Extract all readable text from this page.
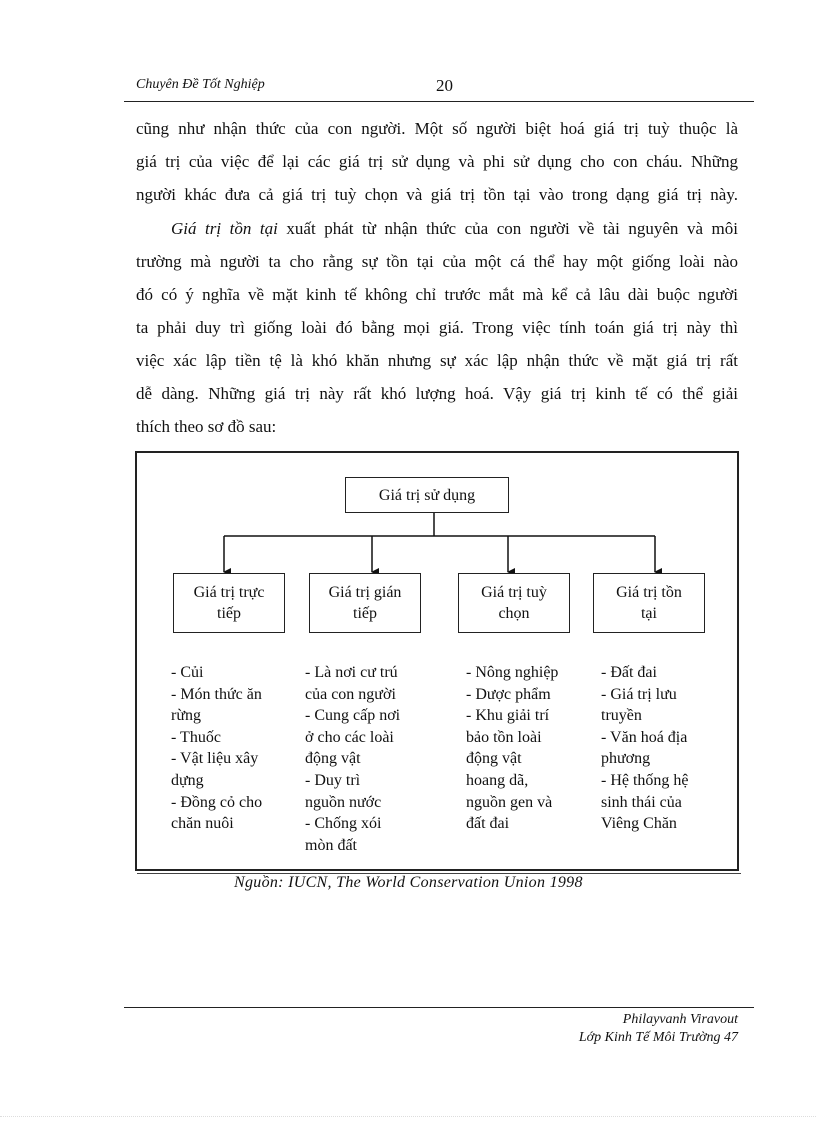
Chuyên Đề Tốt Nghiệp	20
cũng như nhận thức của con người. Một số người biệt hoá giá trị tuỳ thuộc là
giá trị của việc để lại các giá trị sử dụng và phi sử dụng cho con cháu. Những
người khác đưa cả giá trị tuỳ chọn và giá trị tồn tại vào trong dạng giá trị này.
Giá trị tồn tại xuất phát từ nhận thức của con người về tài nguyên và môi
trường mà người ta cho rằng sự tồn tại của một cá thể hay một giống loài nào
đó có ý nghĩa về mặt kinh tế không chỉ trước mắt mà kể cả lâu dài buộc người
ta phải duy trì giống loài đó bằng mọi giá. Trong việc tính toán giá trị này thì
việc xác lập tiền tệ là khó khăn nhưng sự xác lập nhận thức về mặt giá trị rất
dễ dàng. Những giá trị này rất khó lượng hoá. Vậy giá trị kinh tế có thể giải
thích theo sơ đồ sau:
Giá trị sử dụng
Giá trị trực
tiếp
Giá trị gián
tiếp
Giá trị tuỳ
chọn
Giá trị tồn
tại
- Củi
- Món thức ăn
rừng
- Thuốc
- Vật liệu xây
dựng
- Đồng cỏ cho
chăn nuôi
- Là nơi cư trú
của con người
- Cung cấp nơi
ở cho các loài
động vật
- Duy trì
nguồn nước
- Chống xói
mòn đất
- Nông nghiệp
- Dược phẩm
- Khu giải trí
bảo tồn loài
động vật
hoang dã,
nguồn gen và
đất đai
- Đất đai
- Giá trị lưu
truyền
- Văn hoá địa
phương
- Hệ thống hệ
sinh thái của
Viêng Chăn
Nguồn: IUCN, The World Conservation Union 1998
Philayvanh Viravout
Lớp Kinh Tế Môi Trường 47
